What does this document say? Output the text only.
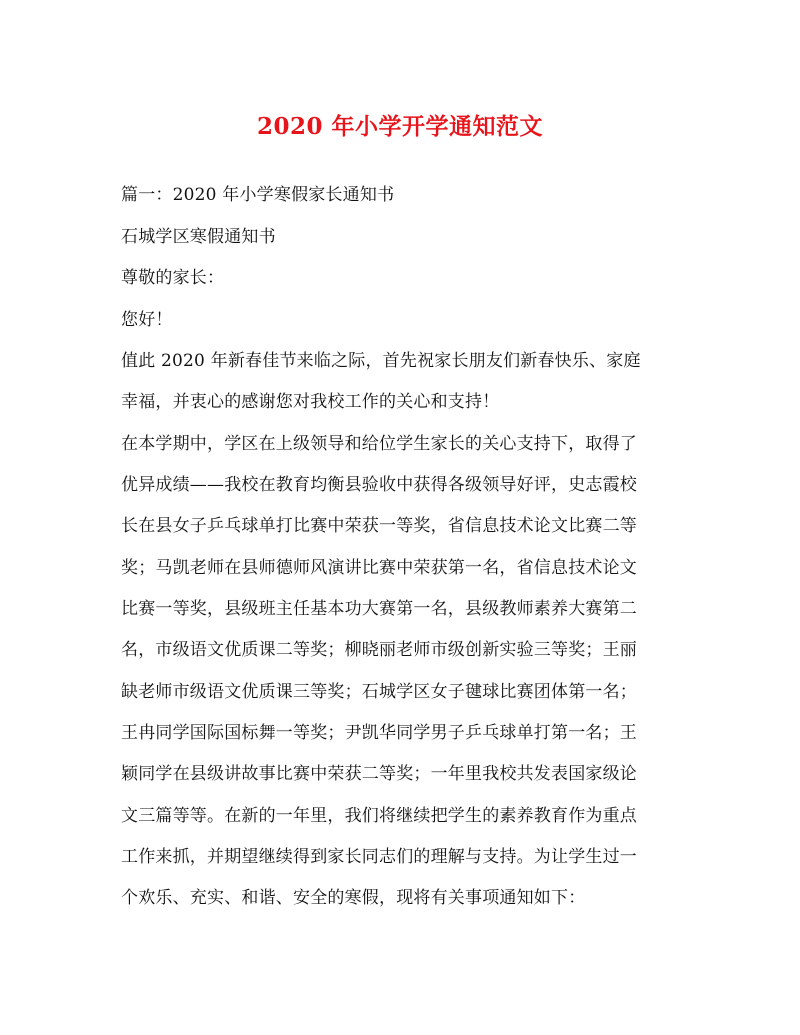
2020 年小学开学通知范文
篇一：2020 年小学寒假家长通知书
石城学区寒假通知书
尊敬的家长：
您好！
值此 2020 年新春佳节来临之际，首先祝家长朋友们新春快乐、家庭
幸福，并衷心的感谢您对我校工作的关心和支持！
在本学期中，学区在上级领导和给位学生家长的关心支持下，取得了
优异成绩——我校在教育均衡县验收中获得各级领导好评，史志霞校
长在县女子乒乓球单打比赛中荣获一等奖，省信息技术论文比赛二等
奖；马凯老师在县师德师风演讲比赛中荣获第一名，省信息技术论文
比赛一等奖，县级班主任基本功大赛第一名，县级教师素养大赛第二
名，市级语文优质课二等奖；柳晓丽老师市级创新实验三等奖；王丽
缺老师市级语文优质课三等奖；石城学区女子毽球比赛团体第一名；
王冉同学国际国标舞一等奖；尹凯华同学男子乒乓球单打第一名；王
颖同学在县级讲故事比赛中荣获二等奖；一年里我校共发表国家级论
文三篇等等。在新的一年里，我们将继续把学生的素养教育作为重点
工作来抓，并期望继续得到家长同志们的理解与支持。为让学生过一
个欢乐、充实、和谐、安全的寒假，现将有关事项通知如下：
